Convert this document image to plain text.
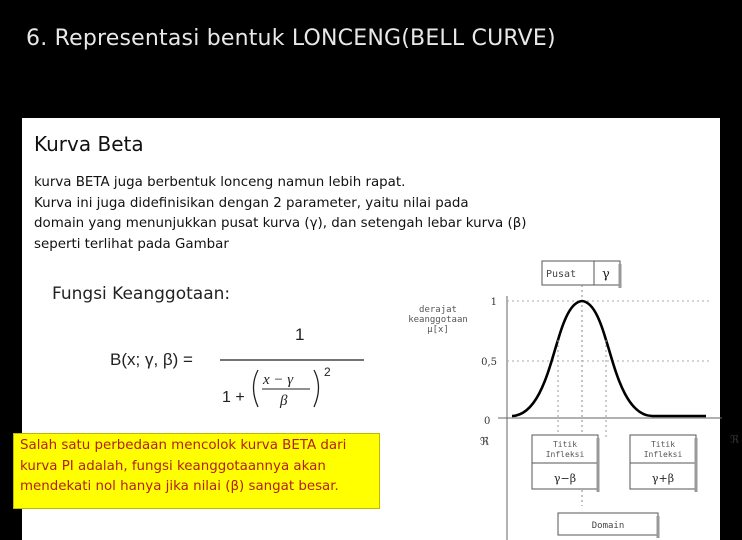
6. Representasi bentuk LONCENG(BELL CURVE)
Kurva Beta
kurva BETA juga berbentuk lonceng namun lebih rapat.
Kurva ini juga didefinisikan dengan 2 parameter, yaitu nilai pada
domain yang menunjukkan pusat kurva (γ), dan setengah lebar kurva (β)
seperti terlihat pada Gambar
Fungsi Keanggotaan:
B(x; γ, β) =
1
1 +
x − γ
β
2
Salah satu perbedaan mencolok kurva BETA dari
kurva PI adalah, fungsi keanggotaannya akan
mendekati nol hanya jika nilai (β) sangat besar.
Pusat γ
derajat
keanggotaan
μ[x]
1
0,5
0
ℜ	ℜ
Titik
Infleksi
γ−β
Titik
Infleksi
γ+β
Domain
